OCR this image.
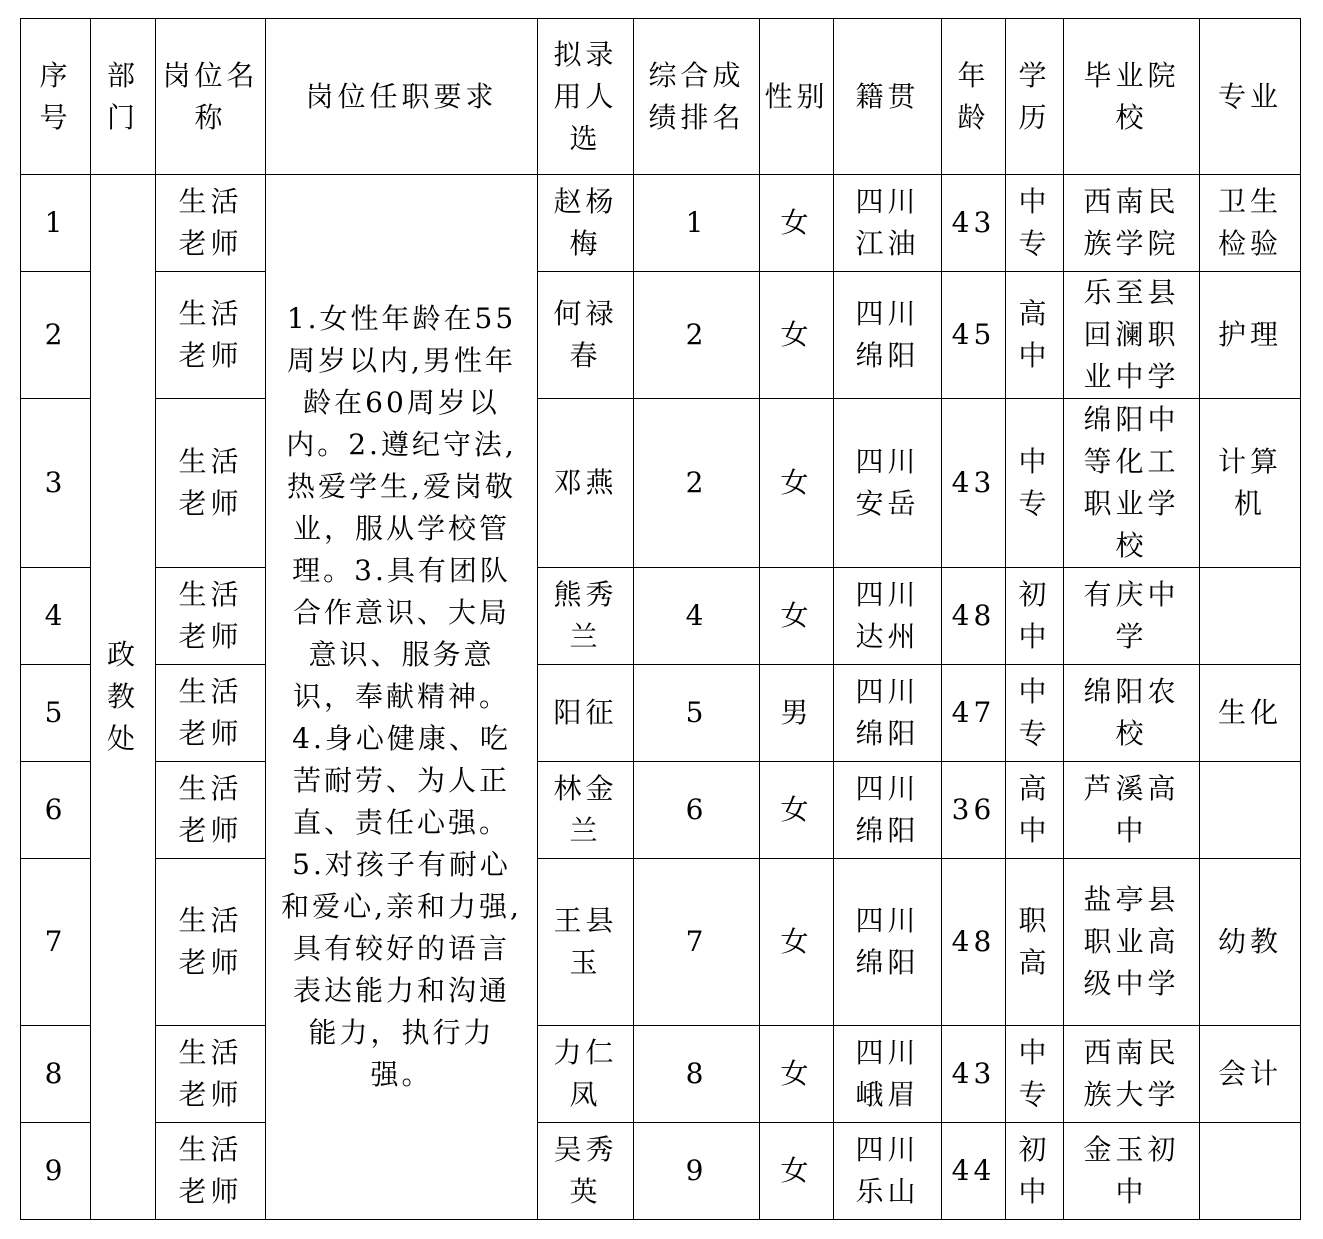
序号	部门	岗位名称	岗位任职要求	拟录用人选	综合成绩排名	性别	籍贯	年龄	学历	毕业院校	专业
1	政教处	生活老师	1.女性年龄在55周岁以内,男性年龄在60周岁以内。2.遵纪守法,热爱学生,爱岗敬业，服从学校管理。3.具有团队合作意识、大局意识、服务意识，奉献精神。4.身心健康、吃苦耐劳、为人正直、责任心强。5.对孩子有耐心和爱心,亲和力强,具有较好的语言表达能力和沟通能力，执行力强。	赵杨梅	1	女	四川江油	43	中专	西南民族学院	卫生检验
2		生活老师		何禄春	2	女	四川绵阳	45	高中	乐至县回澜职业中学	护理
3		生活老师		邓燕	2	女	四川安岳	43	中专	绵阳中等化工职业学校	计算机
4		生活老师		熊秀兰	4	女	四川达州	48	初中	有庆中学	
5		生活老师		阳征	5	男	四川绵阳	47	中专	绵阳农校	生化
6		生活老师		林金兰	6	女	四川绵阳	36	高中	芦溪高中	
7		生活老师		王县玉	7	女	四川绵阳	48	职高	盐亭县职业高级中学	幼教
8		生活老师		力仁凤	8	女	四川峨眉	43	中专	西南民族大学	会计
9		生活老师		吴秀英	9	女	四川乐山	44	初中	金玉初中	
